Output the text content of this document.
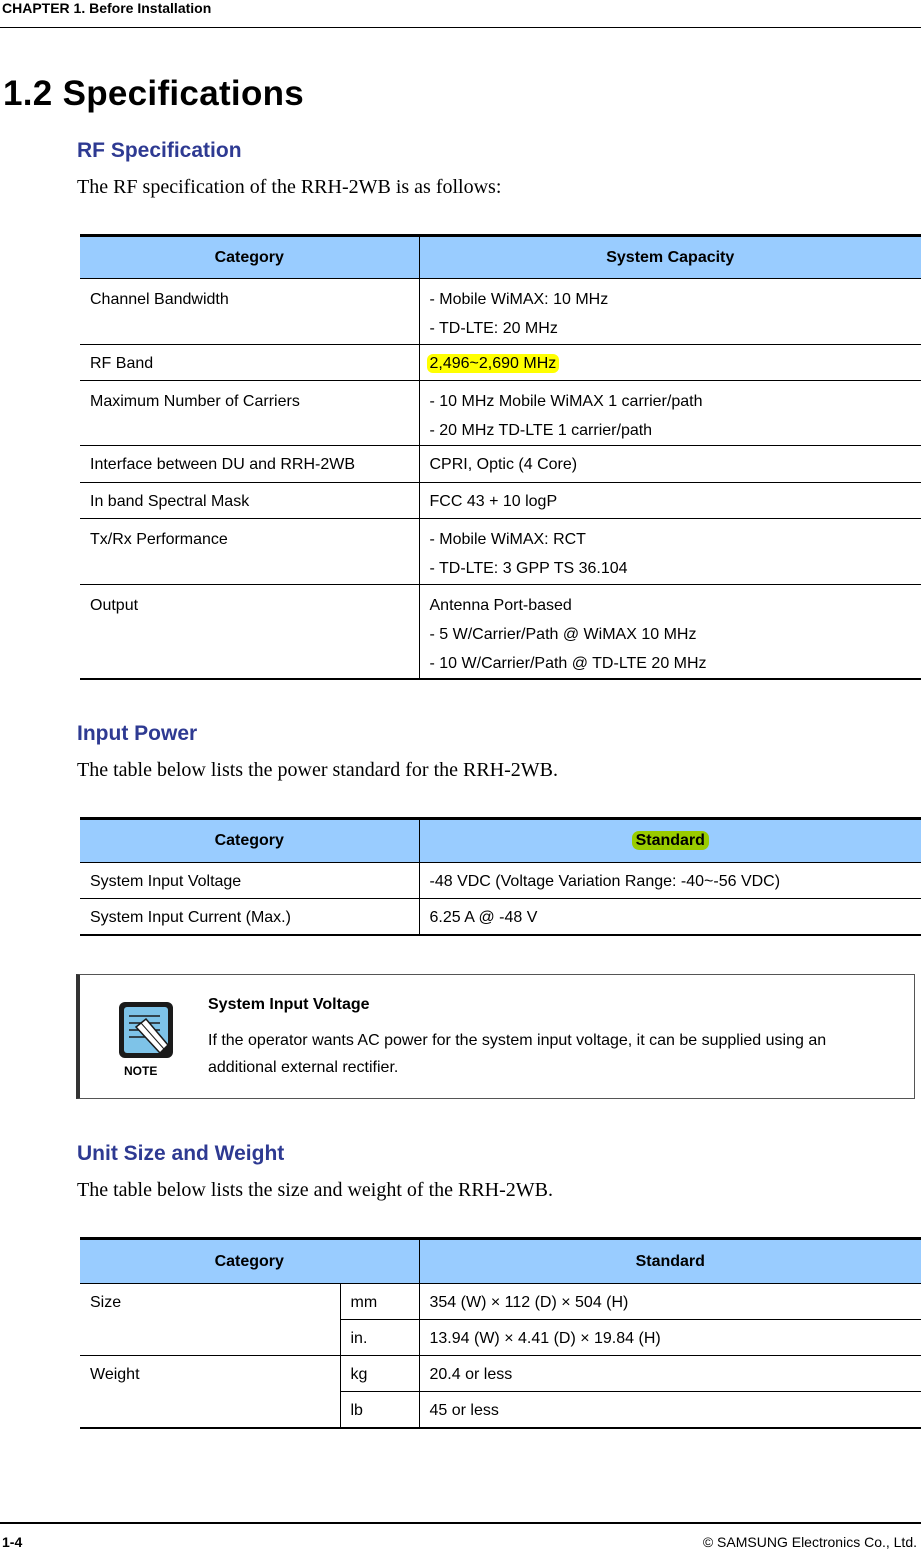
CHAPTER 1. Before Installation
1.2 Specifications
RF Specification
The RF specification of the RRH-2WB is as follows:
Category	System Capacity

Channel Bandwidth	- Mobile WiMAX: 10 MHz
- TD-LTE: 20 MHz

RF Band	2,496~2,690 MHz

Maximum Number of Carriers	- 10 MHz Mobile WiMAX 1 carrier/path
- 20 MHz TD-LTE 1 carrier/path

Interface between DU and RRH-2WB	CPRI, Optic (4 Core)

In band Spectral Mask	FCC 43 + 10 logP

Tx/Rx Performance	- Mobile WiMAX: RCT
- TD-LTE: 3 GPP TS 36.104

Output	Antenna Port-based
- 5 W/Carrier/Path @ WiMAX 10 MHz
- 10 W/Carrier/Path @ TD-LTE 20 MHz
Input Power
The table below lists the power standard for the RRH-2WB.
Category	Standard

System Input Voltage	-48 VDC (Voltage Variation Range: -40~-56 VDC)

System Input Current (Max.)	6.25 A @ -48 V
NOTE
System Input Voltage
If the operator wants AC power for the system input voltage, it can be supplied using an additional external rectifier.
Unit Size and Weight
The table below lists the size and weight of the RRH-2WB.
Category		Standard

Size	mm	354 (W) × 112 (D) × 504 (H)

	in.	13.94 (W) × 4.41 (D) × 19.84 (H)

Weight	kg	20.4 or less

	lb	45 or less
1-4	© SAMSUNG Electronics Co., Ltd.
